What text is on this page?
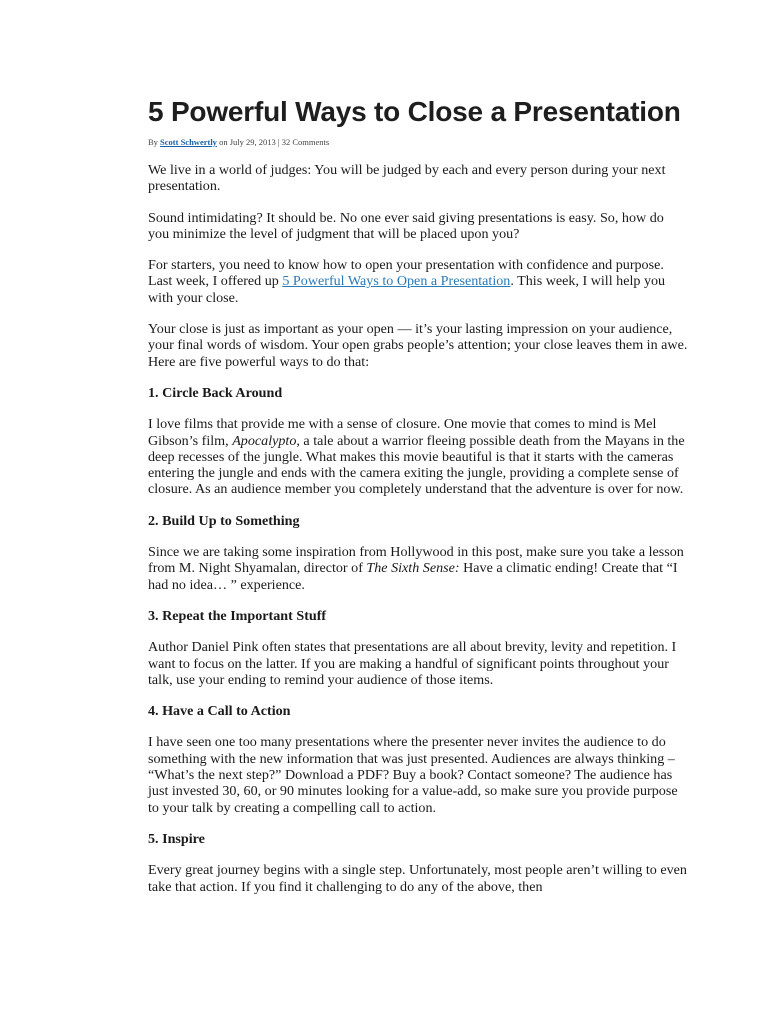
5 Powerful Ways to Close a Presentation
By Scott Schwertly on July 29, 2013 | 32 Comments

We live in a world of judges: You will be judged by each and every person during your next presentation.

Sound intimidating? It should be. No one ever said giving presentations is easy. So, how do you minimize the level of judgment that will be placed upon you?

For starters, you need to know how to open your presentation with confidence and purpose. Last week, I offered up 5 Powerful Ways to Open a Presentation. This week, I will help you with your close.

Your close is just as important as your open — it’s your lasting impression on your audience, your final words of wisdom. Your open grabs people’s attention; your close leaves them in awe. Here are five powerful ways to do that:

1. Circle Back Around

I love films that provide me with a sense of closure. One movie that comes to mind is Mel Gibson’s film, Apocalypto, a tale about a warrior fleeing possible death from the Mayans in the deep recesses of the jungle. What makes this movie beautiful is that it starts with the cameras entering the jungle and ends with the camera exiting the jungle, providing a complete sense of closure. As an audience member you completely understand that the adventure is over for now.

2. Build Up to Something

Since we are taking some inspiration from Hollywood in this post, make sure you take a lesson from M. Night Shyamalan, director of The Sixth Sense: Have a climatic ending! Create that “I had no idea… ” experience.

3. Repeat the Important Stuff

Author Daniel Pink often states that presentations are all about brevity, levity and repetition. I want to focus on the latter. If you are making a handful of significant points throughout your talk, use your ending to remind your audience of those items.

4. Have a Call to Action

I have seen one too many presentations where the presenter never invites the audience to do something with the new information that was just presented. Audiences are always thinking – “What’s the next step?” Download a PDF? Buy a book? Contact someone? The audience has just invested 30, 60, or 90 minutes looking for a value-add, so make sure you provide purpose to your talk by creating a compelling call to action.

5. Inspire

Every great journey begins with a single step. Unfortunately, most people aren’t willing to even take that action. If you find it challenging to do any of the above, then
